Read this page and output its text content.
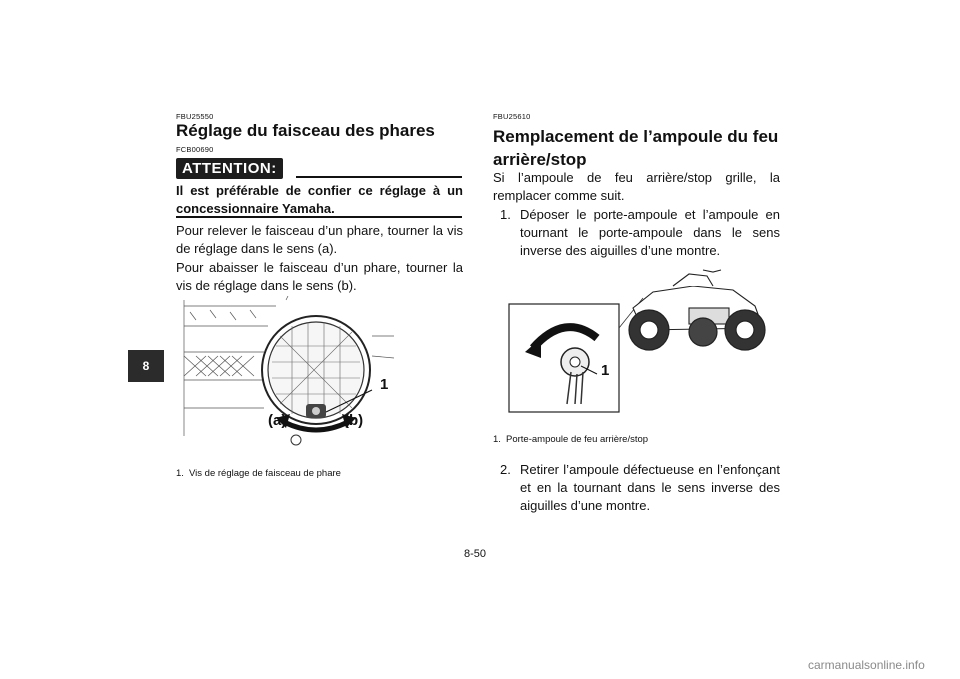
8
FBU25550
Réglage du faisceau des phares
FCB00690
ATTENTION:
Il est préférable de confier ce réglage à un concessionnaire Yamaha.
Pour relever le faisceau d’un phare, tourner la vis de réglage dans le sens (a).
Pour abaisser le faisceau d’un phare, tourner la vis de réglage dans le sens (b).
1
(a)	(b)
1. Vis de réglage de faisceau de phare
FBU25610
Remplacement de l’ampoule du feu
arrière/stop
Si l’ampoule de feu arrière/stop grille, la remplacer comme suit.
1. Déposer le porte-ampoule et l’ampoule en tournant le porte-ampoule dans le sens inverse des aiguilles d’une montre.
1
1. Porte-ampoule de feu arrière/stop
2. Retirer l’ampoule défectueuse en l’enfonçant et en la tournant dans le sens inverse des aiguilles d’une montre.
8-50
carmanualsonline.info
